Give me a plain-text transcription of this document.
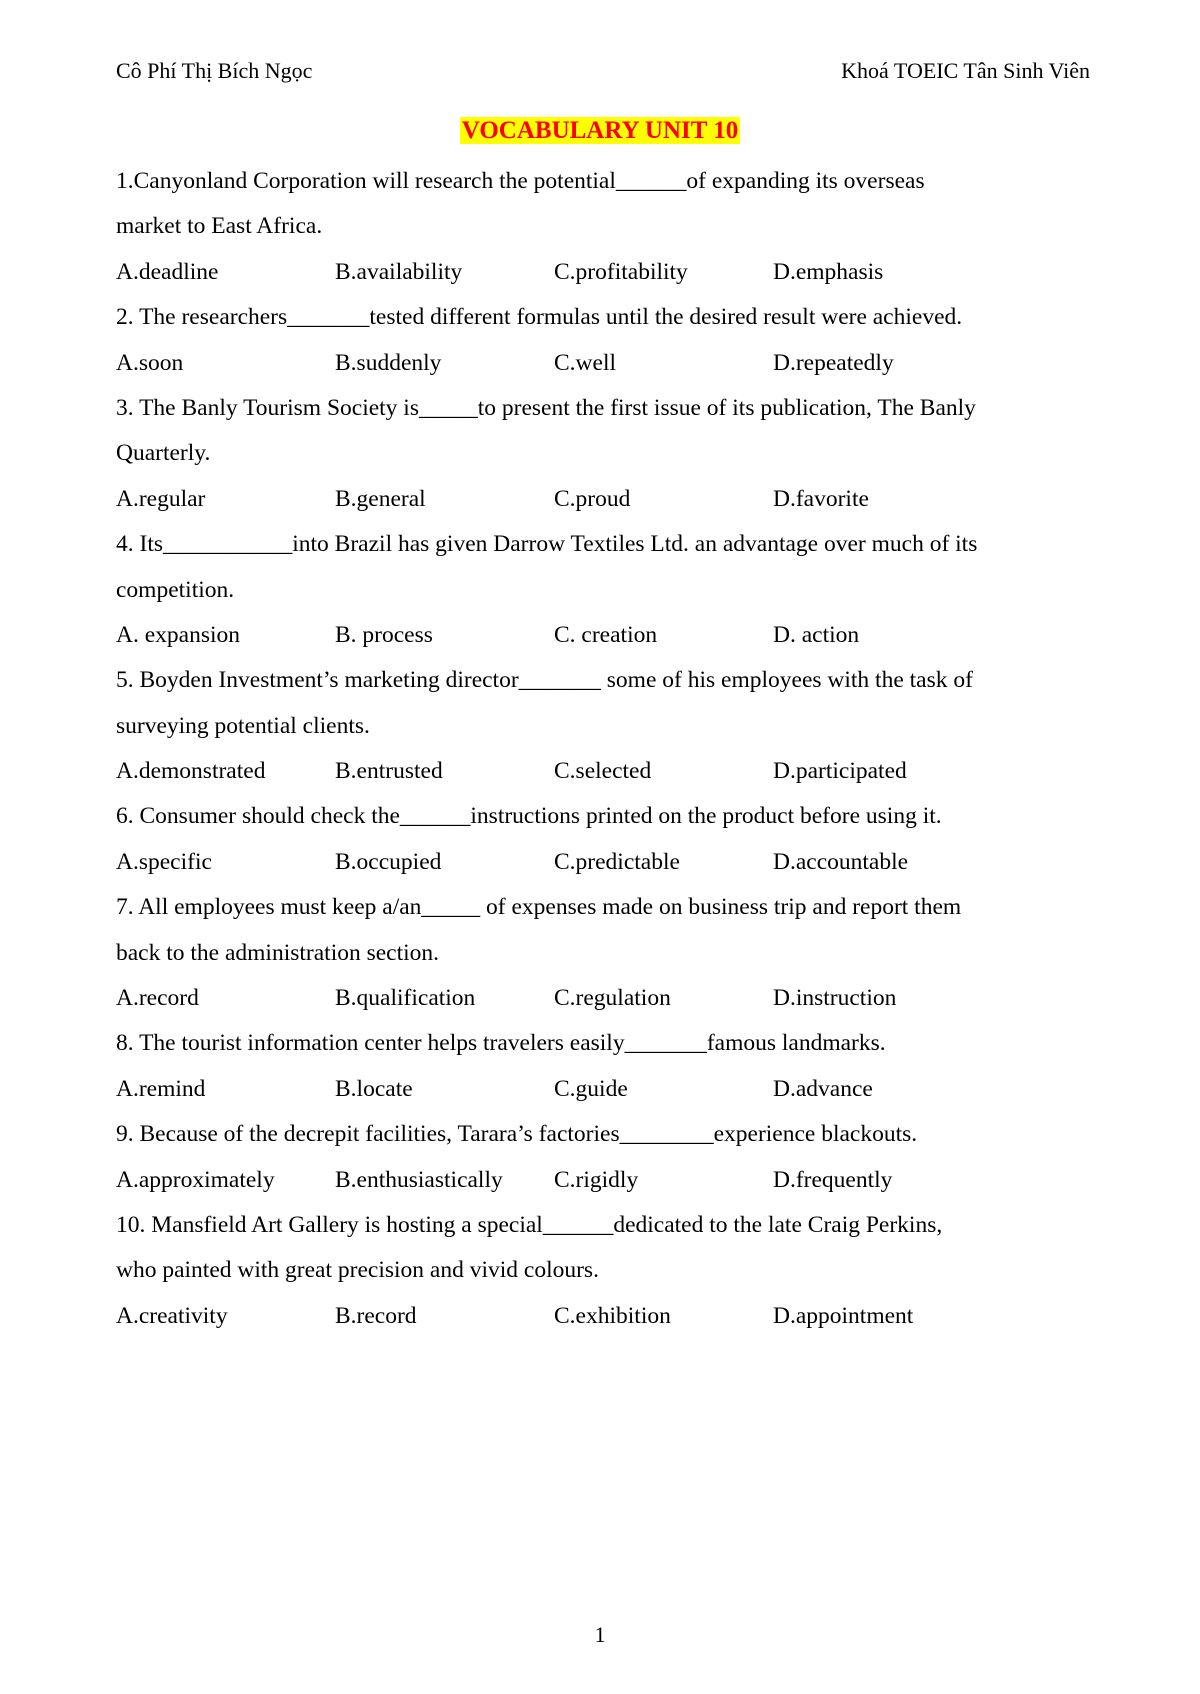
Cô Phí Thị Bích Ngọc	Khoá TOEIC Tân Sinh Viên
VOCABULARY UNIT 10
1.Canyonland Corporation will research the potential______of expanding its overseas
market to East Africa.
A.deadline	B.availability	C.profitability	D.emphasis
2. The researchers_______tested different formulas until the desired result were achieved.
A.soon	B.suddenly	C.well	D.repeatedly
3. The Banly Tourism Society is_____to present the first issue of its publication, The Banly
Quarterly.
A.regular	B.general	C.proud	D.favorite
4. Its___________into Brazil has given Darrow Textiles Ltd. an advantage over much of its
competition.
A. expansion	B. process	C. creation	D. action
5. Boyden Investment’s marketing director_______ some of his employees with the task of
surveying potential clients.
A.demonstrated	B.entrusted	C.selected	D.participated
6. Consumer should check the______instructions printed on the product before using it.
A.specific	B.occupied	C.predictable	D.accountable
7. All employees must keep a/an_____ of expenses made on business trip and report them
back to the administration section.
A.record	B.qualification	C.regulation	D.instruction
8. The tourist information center helps travelers easily_______famous landmarks.
A.remind	B.locate	C.guide	D.advance
9. Because of the decrepit facilities, Tarara’s factories________experience blackouts.
A.approximately	B.enthusiastically	C.rigidly	D.frequently
10. Mansfield Art Gallery is hosting a special______dedicated to the late Craig Perkins,
who painted with great precision and vivid colours.
A.creativity	B.record	C.exhibition	D.appointment
1
